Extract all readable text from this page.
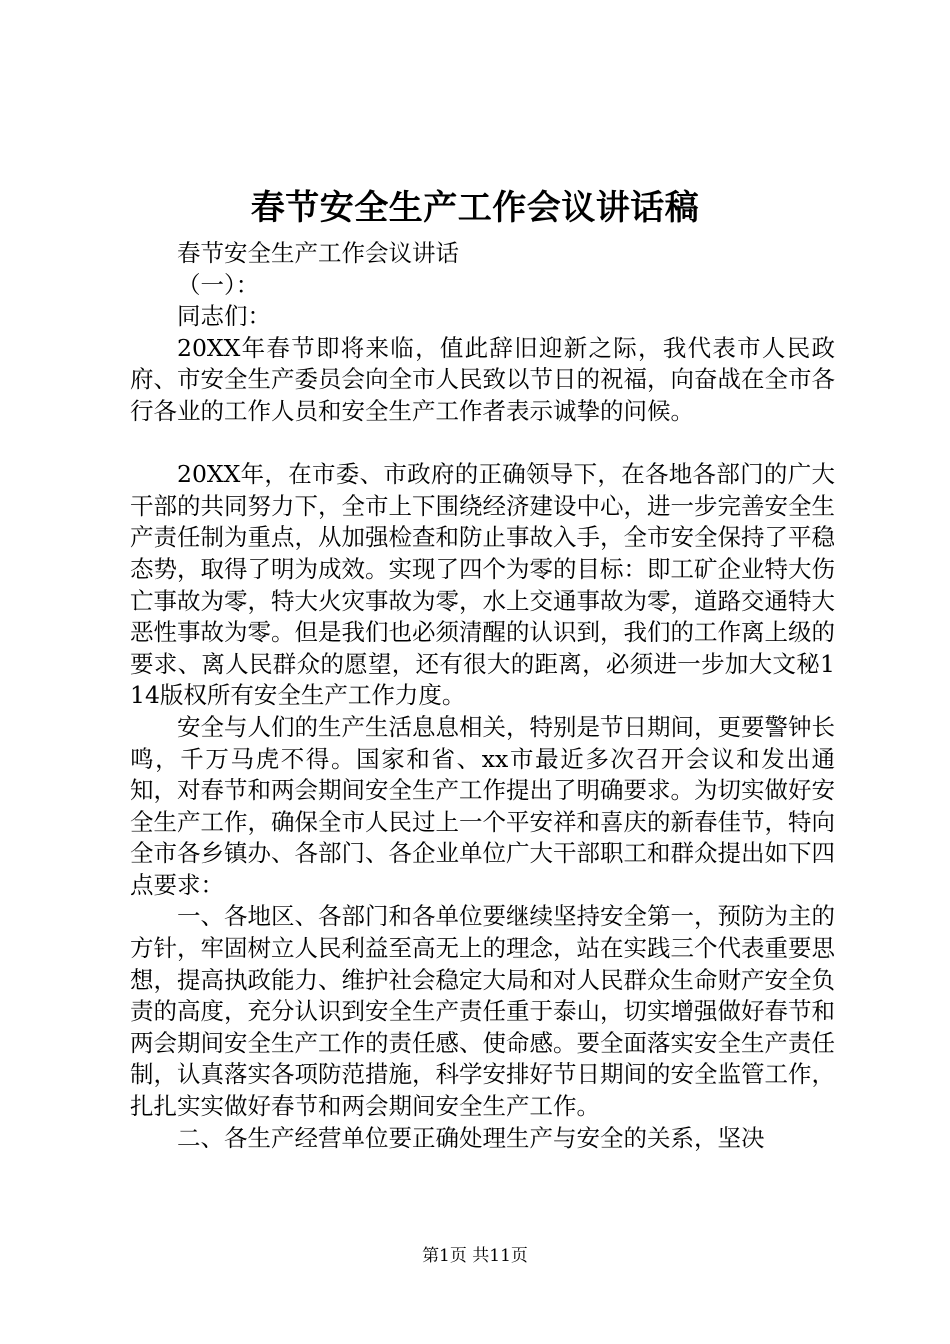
春节安全生产工作会议讲话稿

春节安全生产工作会议讲话

（一）：

同志们：

20XX年春节即将来临，值此辞旧迎新之际，我代表市人民政府、市安全生产委员会向全市人民致以节日的祝福，向奋战在全市各行各业的工作人员和安全生产工作者表示诚挚的问候。

20XX年，在市委、市政府的正确领导下，在各地各部门的广大干部的共同努力下，全市上下围绕经济建设中心，进一步完善安全生产责任制为重点，从加强检查和防止事故入手，全市安全保持了平稳态势，取得了明为成效。实现了四个为零的目标：即工矿企业特大伤亡事故为零，特大火灾事故为零，水上交通事故为零，道路交通特大恶性事故为零。但是我们也必须清醒的认识到，我们的工作离上级的要求、离人民群众的愿望，还有很大的距离，必须进一步加大文秘114版权所有安全生产工作力度。

安全与人们的生产生活息息相关，特别是节日期间，更要警钟长鸣，千万马虎不得。国家和省、xx市最近多次召开会议和发出通知，对春节和两会期间安全生产工作提出了明确要求。为切实做好安全生产工作，确保全市人民过上一个平安祥和喜庆的新春佳节，特向全市各乡镇办、各部门、各企业单位广大干部职工和群众提出如下四点要求：

一、各地区、各部门和各单位要继续坚持安全第一，预防为主的方针，牢固树立人民利益至高无上的理念，站在实践三个代表重要思想，提高执政能力、维护社会稳定大局和对人民群众生命财产安全负责的高度，充分认识到安全生产责任重于泰山，切实增强做好春节和两会期间安全生产工作的责任感、使命感。要全面落实安全生产责任制，认真落实各项防范措施，科学安排好节日期间的安全监管工作，扎扎实实做好春节和两会期间安全生产工作。

二、各生产经营单位要正确处理生产与安全的关系，坚决

第1页 共11页
